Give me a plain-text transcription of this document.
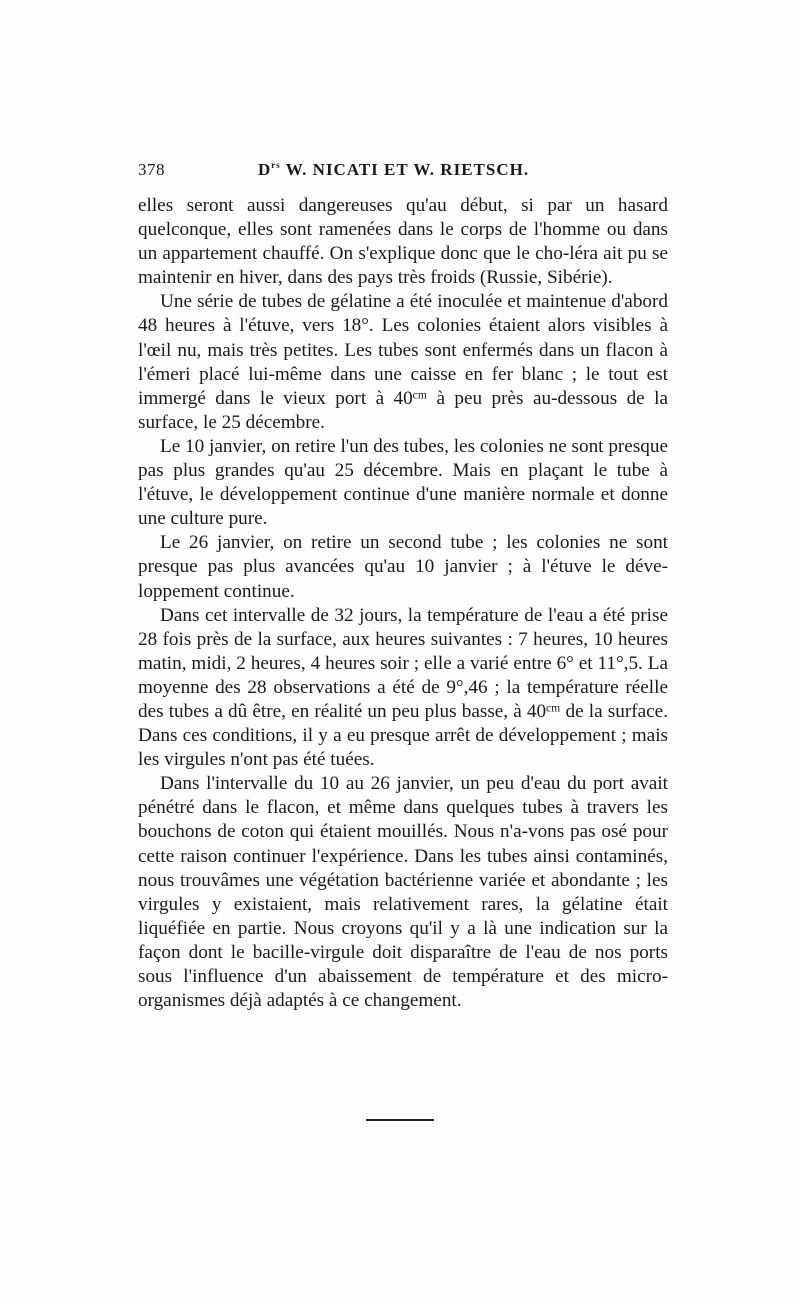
378	$D^{rs}$ W. NICATI ET W. RIETSCH.

elles seront aussi dangereuses qu'au début, si par un hasard quelconque, elles sont ramenées dans le corps de l'homme ou dans un appartement chauffé. On s'explique donc que le cho-léra ait pu se maintenir en hiver, dans des pays très froids (Russie, Sibérie).

Une série de tubes de gélatine a été inoculée et maintenue d'abord 48 heures à l'étuve, vers 18°. Les colonies étaient alors visibles à l'œil nu, mais très petites. Les tubes sont enfermés dans un flacon à l'émeri placé lui-même dans une caisse en fer blanc ; le tout est immergé dans le vieux port à 40ᶜᵐ à peu près au-dessous de la surface, le 25 décembre.

Le 10 janvier, on retire l'un des tubes, les colonies ne sont presque pas plus grandes qu'au 25 décembre. Mais en plaçant le tube à l'étuve, le développement continue d'une manière normale et donne une culture pure.

Le 26 janvier, on retire un second tube ; les colonies ne sont presque pas plus avancées qu'au 10 janvier ; à l'étuve le déve-loppement continue.

Dans cet intervalle de 32 jours, la température de l'eau a été prise 28 fois près de la surface, aux heures suivantes : 7 heures, 10 heures matin, midi, 2 heures, 4 heures soir ; elle a varié entre 6° et 11°,5. La moyenne des 28 observations a été de 9°,46 ; la température réelle des tubes a dû être, en réalité un peu plus basse, à 40ᶜᵐ de la surface. Dans ces conditions, il y a eu presque arrêt de développement ; mais les virgules n'ont pas été tuées.

Dans l'intervalle du 10 au 26 janvier, un peu d'eau du port avait pénétré dans le flacon, et même dans quelques tubes à travers les bouchons de coton qui étaient mouillés. Nous n'a-vons pas osé pour cette raison continuer l'expérience. Dans les tubes ainsi contaminés, nous trouvâmes une végétation bactérienne variée et abondante ; les virgules y existaient, mais relativement rares, la gélatine était liquéfiée en partie. Nous croyons qu'il y a là une indication sur la façon dont le bacille-virgule doit disparaître de l'eau de nos ports sous l'influence d'un abaissement de température et des micro-organismes déjà adaptés à ce changement.
